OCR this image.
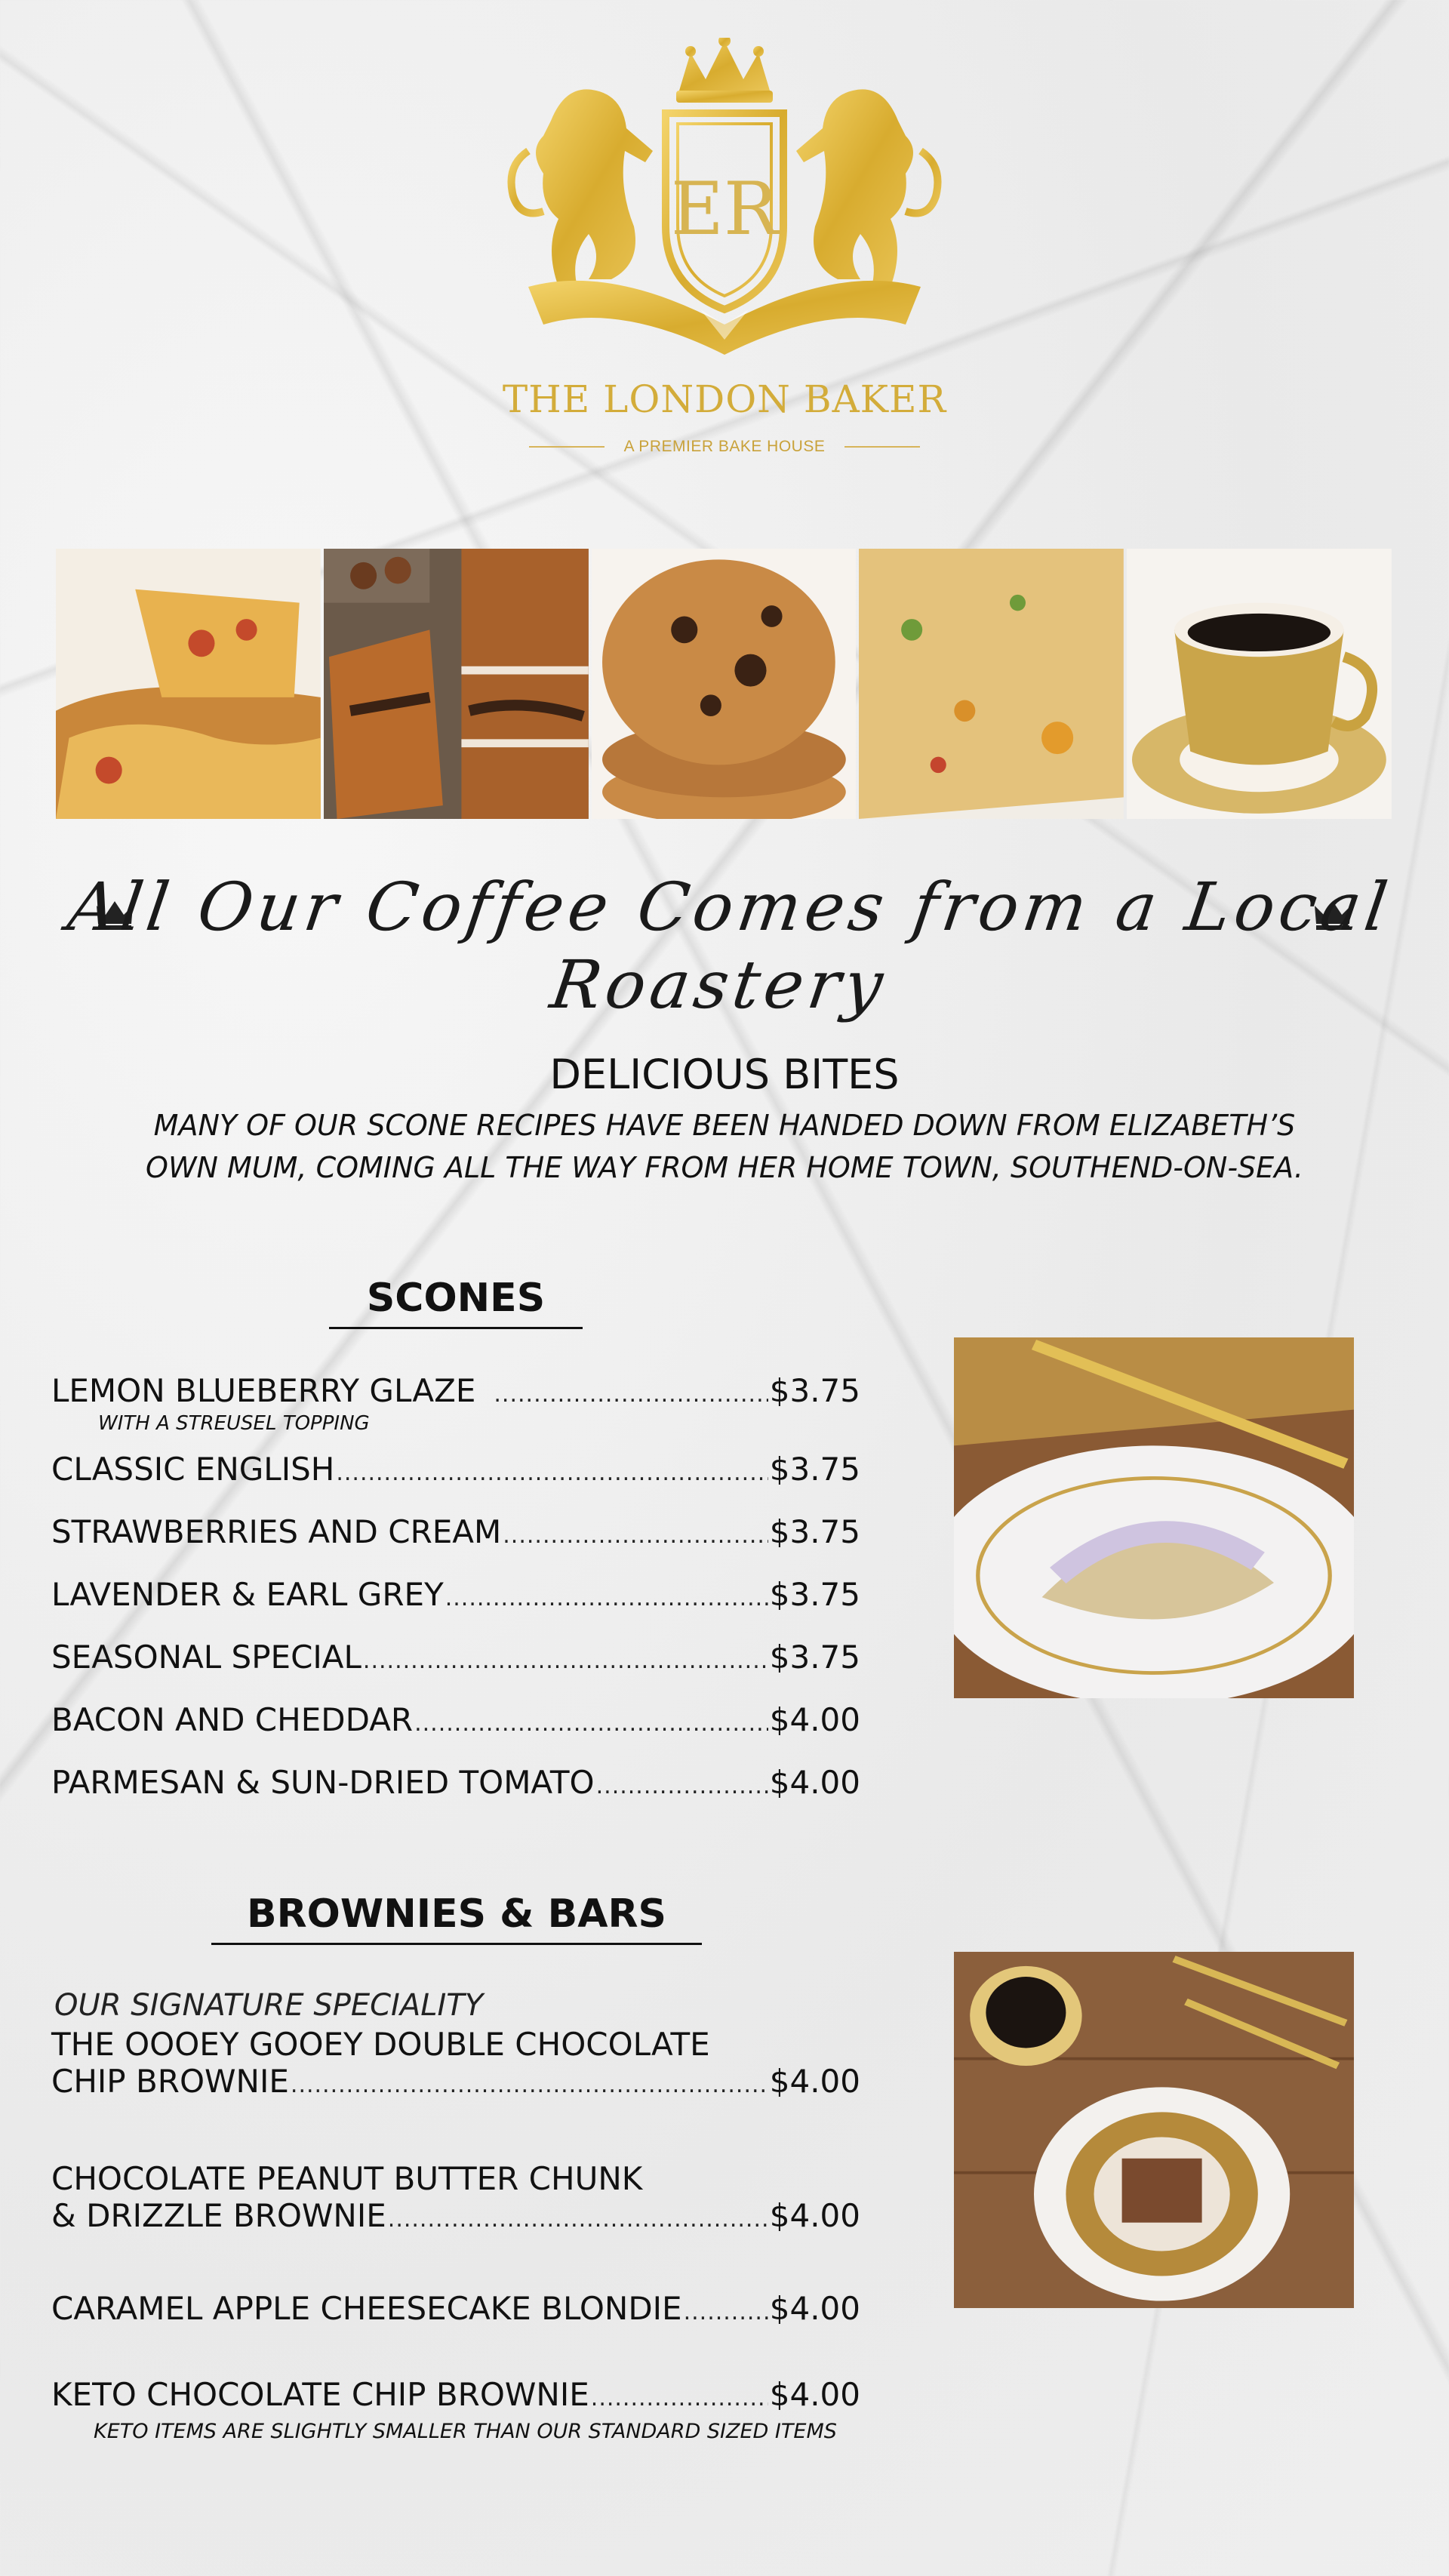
ER
THE LONDON BAKER
A PREMIER BAKE HOUSE
All Our Coffee Comes from a Local Roastery
DELICIOUS BITES
MANY OF OUR SCONE RECIPES HAVE BEEN HANDED DOWN FROM ELIZABETH’S
OWN MUM, COMING ALL THE WAY FROM HER HOME TOWN, SOUTHEND-ON-SEA.
SCONES
LEMON BLUEBERRY GLAZE .....	$3.75
WITH A STREUSEL TOPPING
CLASSIC ENGLISH .....	$3.75
STRAWBERRIES AND CREAM .....	$3.75
LAVENDER & EARL GREY .....	$3.75
SEASONAL SPECIAL .....	$3.75
BACON AND CHEDDAR .....	$4.00
PARMESAN & SUN-DRIED TOMATO .....	$4.00
BROWNIES & BARS
OUR SIGNATURE SPECIALITY
THE OOOEY GOOEY DOUBLE CHOCOLATE
CHIP BROWNIE .....	$4.00
CHOCOLATE PEANUT BUTTER CHUNK
& DRIZZLE BROWNIE .....	$4.00
CARAMEL APPLE CHEESECAKE BLONDIE .....	$4.00
KETO CHOCOLATE CHIP BROWNIE .....	$4.00
KETO ITEMS ARE SLIGHTLY SMALLER THAN OUR STANDARD SIZED ITEMS
